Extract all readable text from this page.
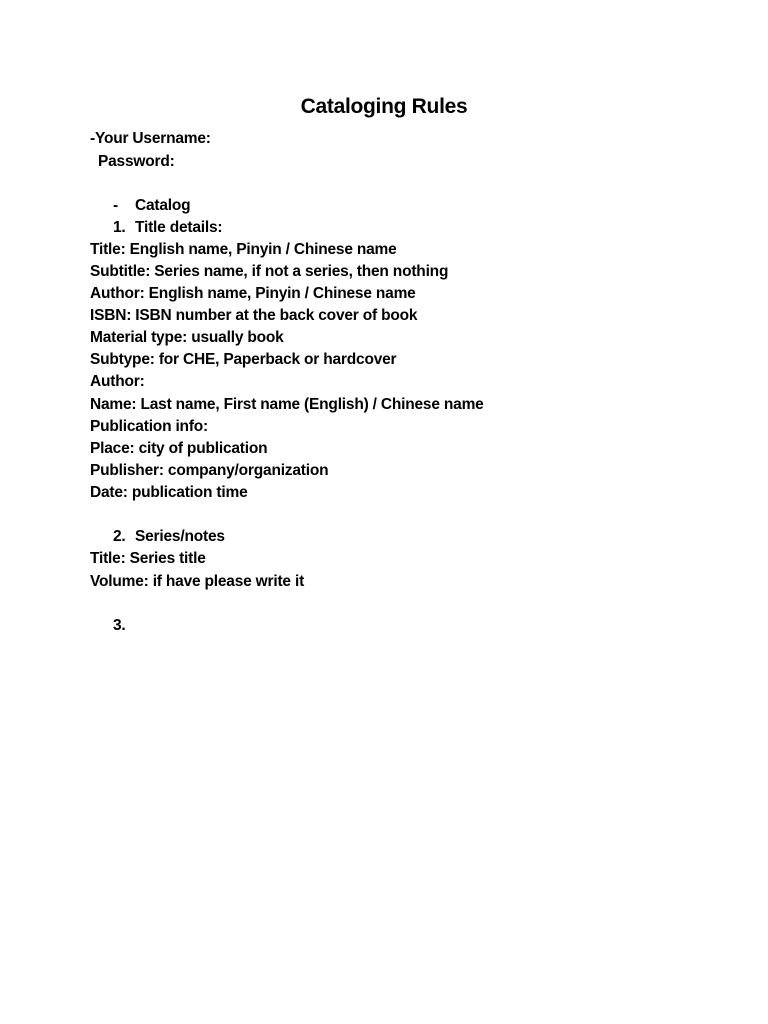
Cataloging Rules
-Your Username:
Password:
- Catalog
1. Title details:
Title: English name, Pinyin / Chinese name
Subtitle: Series name, if not a series, then nothing
Author: English name, Pinyin / Chinese name
ISBN: ISBN number at the back cover of book
Material type: usually book
Subtype: for CHE, Paperback or hardcover
Author:
Name: Last name, First name (English) / Chinese name
Publication info:
Place: city of publication
Publisher: company/organization
Date: publication time
2. Series/notes
Title: Series title
Volume: if have please write it
3.
